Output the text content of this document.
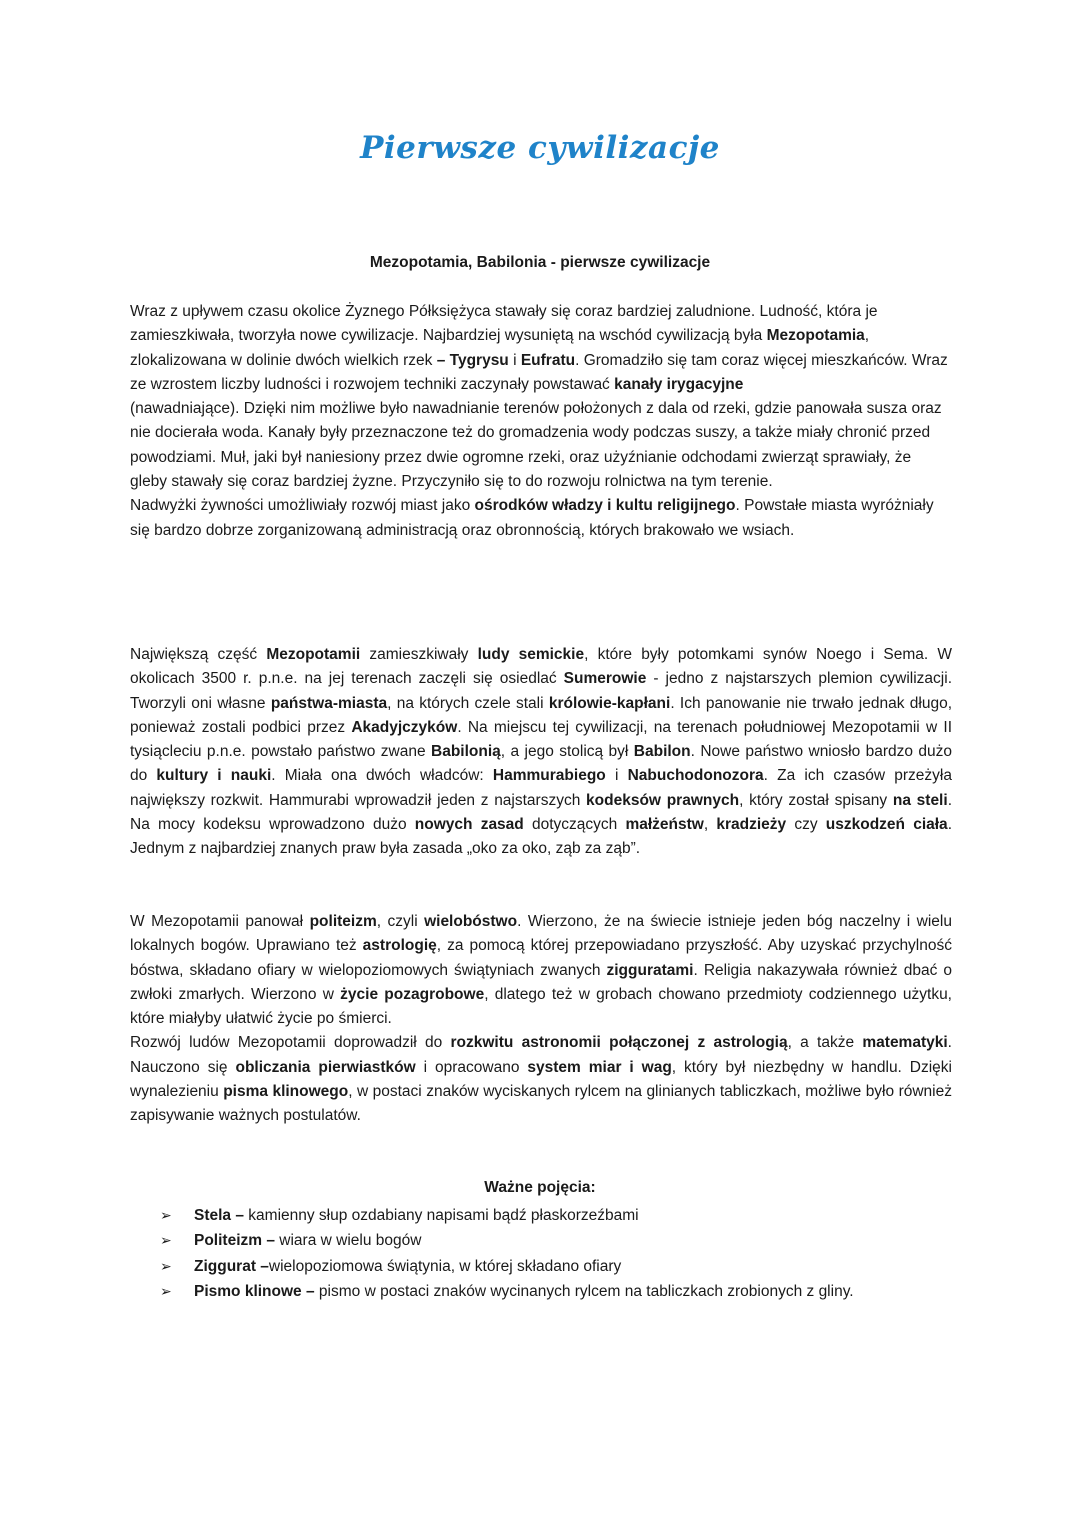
Pierwsze cywilizacje
Mezopotamia, Babilonia - pierwsze cywilizacje

Wraz z upływem czasu okolice Żyznego Półksiężyca stawały się coraz bardziej zaludnione. Ludność, która je zamieszkiwała, tworzyła nowe cywilizacje. Najbardziej wysuniętą na wschód cywilizacją była Mezopotamia, zlokalizowana w dolinie dwóch wielkich rzek – Tygrysu i Eufratu. Gromadziło się tam coraz więcej mieszkańców. Wraz ze wzrostem liczby ludności i rozwojem techniki zaczynały powstawać kanały irygacyjne

(nawadniające). Dzięki nim możliwe było nawadnianie terenów położonych z dala od rzeki, gdzie panowała susza oraz nie docierała woda. Kanały były przeznaczone też do gromadzenia wody podczas suszy, a także miały chronić przed powodziami. Muł, jaki był naniesiony przez dwie ogromne rzeki, oraz użyźnianie odchodami zwierząt sprawiały, że gleby stawały się coraz bardziej żyzne. Przyczyniło się to do rozwoju rolnictwa na tym terenie.

Nadwyżki żywności umożliwiały rozwój miast jako ośrodków władzy i kultu religijnego. Powstałe miasta wyróżniały się bardzo dobrze zorganizowaną administracją oraz obronnością, których brakowało we wsiach.

Największą część Mezopotamii zamieszkiwały ludy semickie, które były potomkami synów Noego i Sema. W okolicach 3500 r. p.n.e. na jej terenach zaczęli się osiedlać Sumerowie - jedno z najstarszych plemion cywilizacji. Tworzyli oni własne państwa-miasta, na których czele stali królowie-kapłani. Ich panowanie nie trwało jednak długo, ponieważ zostali podbici przez Akadyjczyków. Na miejscu tej cywilizacji, na terenach południowej Mezopotamii w II tysiącleciu p.n.e. powstało państwo zwane Babilonią, a jego stolicą był Babilon. Nowe państwo wniosło bardzo dużo do kultury i nauki. Miała ona dwóch władców: Hammurabiego i Nabuchodonozora. Za ich czasów przeżyła największy rozkwit. Hammurabi wprowadził jeden z najstarszych kodeksów prawnych, który został spisany na steli. Na mocy kodeksu wprowadzono dużo nowych zasad dotyczących małżeństw, kradzieży czy uszkodzeń ciała. Jednym z najbardziej znanych praw była zasada „oko za oko, ząb za ząb”.

W Mezopotamii panował politeizm, czyli wielobóstwo. Wierzono, że na świecie istnieje jeden bóg naczelny i wielu lokalnych bogów. Uprawiano też astrologię, za pomocą której przepowiadano przyszłość. Aby uzyskać przychylność bóstwa, składano ofiary w wielopoziomowych świątyniach zwanych zigguratami. Religia nakazywała również dbać o zwłoki zmarłych. Wierzono w życie pozagrobowe, dlatego też w grobach chowano przedmioty codziennego użytku, które miałyby ułatwić życie po śmierci.

Rozwój ludów Mezopotamii doprowadził do rozkwitu astronomii połączonej z astrologią, a także matematyki. Nauczono się obliczania pierwiastków i opracowano system miar i wag, który był niezbędny w handlu. Dzięki wynalezieniu pisma klinowego, w postaci znaków wyciskanych rylcem na glinianych tabliczkach, możliwe było również zapisywanie ważnych postulatów.

Ważne pojęcia:
➢	Stela – kamienny słup ozdabiany napisami bądź płaskorzeźbami
➢	Politeizm – wiara w wielu bogów
➢	Ziggurat –wielopoziomowa świątynia, w której składano ofiary
➢	Pismo klinowe – pismo w postaci znaków wycinanych rylcem na tabliczkach zrobionych z gliny.
